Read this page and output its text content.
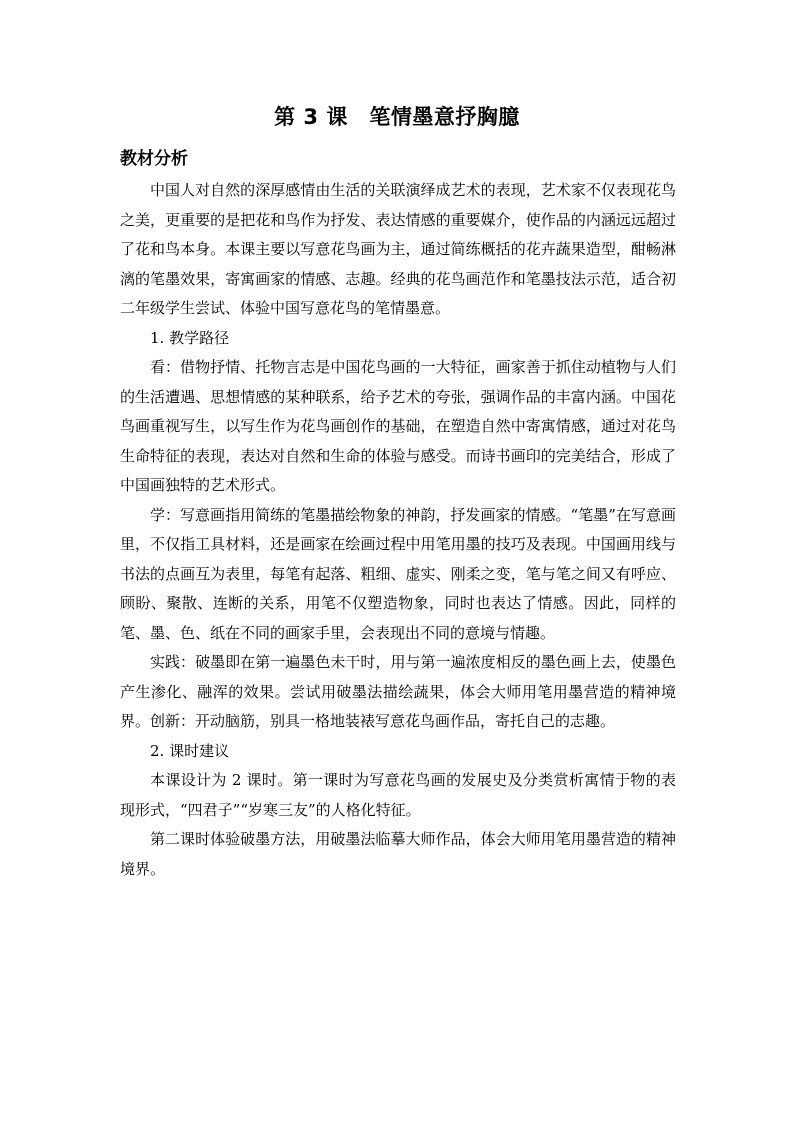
第 3 课　笔情墨意抒胸臆
教材分析

中国人对自然的深厚感情由生活的关联演绎成艺术的表现，艺术家不仅表现花鸟之美，更重要的是把花和鸟作为抒发、表达情感的重要媒介，使作品的内涵远远超过了花和鸟本身。本课主要以写意花鸟画为主，通过简练概括的花卉蔬果造型，酣畅淋漓的笔墨效果，寄寓画家的情感、志趣。经典的花鸟画范作和笔墨技法示范，适合初二年级学生尝试、体验中国写意花鸟的笔情墨意。

1. 教学路径

看：借物抒情、托物言志是中国花鸟画的一大特征，画家善于抓住动植物与人们的生活遭遇、思想情感的某种联系，给予艺术的夸张，强调作品的丰富内涵。中国花鸟画重视写生，以写生作为花鸟画创作的基础，在塑造自然中寄寓情感，通过对花鸟生命特征的表现，表达对自然和生命的体验与感受。而诗书画印的完美结合，形成了中国画独特的艺术形式。

学：写意画指用简练的笔墨描绘物象的神韵，抒发画家的情感。“笔墨”在写意画里，不仅指工具材料，还是画家在绘画过程中用笔用墨的技巧及表现。中国画用线与书法的点画互为表里，每笔有起落、粗细、虚实、刚柔之变，笔与笔之间又有呼应、顾盼、聚散、连断的关系，用笔不仅塑造物象，同时也表达了情感。因此，同样的笔、墨、色、纸在不同的画家手里，会表现出不同的意境与情趣。

实践：破墨即在第一遍墨色未干时，用与第一遍浓度相反的墨色画上去，使墨色产生渗化、融浑的效果。尝试用破墨法描绘蔬果，体会大师用笔用墨营造的精神境界。创新：开动脑筋，别具一格地装裱写意花鸟画作品，寄托自己的志趣。

2. 课时建议

本课设计为 2 课时。第一课时为写意花鸟画的发展史及分类赏析寓情于物的表现形式，“四君子”“岁寒三友”的人格化特征。

第二课时体验破墨方法，用破墨法临摹大师作品，体会大师用笔用墨营造的精神境界。
